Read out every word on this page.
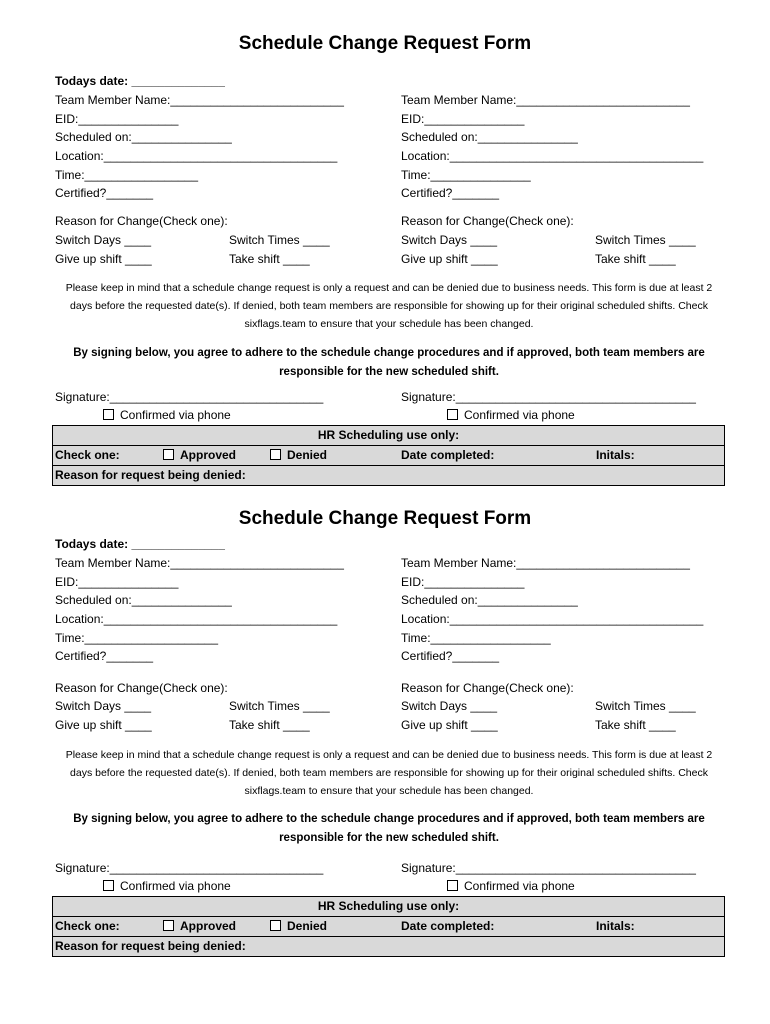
Schedule Change Request Form
Todays date: ______________
Team Member Name:__________________________
EID:_______________
Scheduled on:_______________
Location:___________________________________
Time:_________________
Certified?_______
Team Member Name:__________________________
EID:_______________
Scheduled on:_______________
Location:______________________________________
Time:_______________
Certified?_______
Reason for Change(Check one):
Switch Days ____	Switch Times ____
Give up shift ____	Take shift ____
Reason for Change(Check one):
Switch Days ____	Switch Times ____
Give up shift ____	Take shift ____
Please keep in mind that a schedule change request is only a request and can be denied due to business needs. This form is due at least 2 days before the requested date(s). If denied, both team members are responsible for showing up for their original scheduled shifts. Check sixflags.team to ensure that your schedule has been changed.
By signing below, you agree to adhere to the schedule change procedures and if approved, both team members are responsible for the new scheduled shift.
Signature:________________________________	Signature:____________________________________
Confirmed via phone	Confirmed via phone
HR Scheduling use only:
Check one:	Approved	Denied	Date completed:	Initals:
Reason for request being denied:
Schedule Change Request Form
Todays date: ______________
Team Member Name:__________________________
EID:_______________
Scheduled on:_______________
Location:___________________________________
Time:____________________
Certified?_______
Team Member Name:__________________________
EID:_______________
Scheduled on:_______________
Location:______________________________________
Time:__________________
Certified?_______
Reason for Change(Check one):
Switch Days ____	Switch Times ____
Give up shift ____	Take shift ____
Reason for Change(Check one):
Switch Days ____	Switch Times ____
Give up shift ____	Take shift ____
Please keep in mind that a schedule change request is only a request and can be denied due to business needs. This form is due at least 2 days before the requested date(s). If denied, both team members are responsible for showing up for their original scheduled shifts. Check sixflags.team to ensure that your schedule has been changed.
By signing below, you agree to adhere to the schedule change procedures and if approved, both team members are responsible for the new scheduled shift.
Signature:________________________________	Signature:____________________________________
Confirmed via phone	Confirmed via phone
HR Scheduling use only:
Check one:	Approved	Denied	Date completed:	Initals:
Reason for request being denied:
